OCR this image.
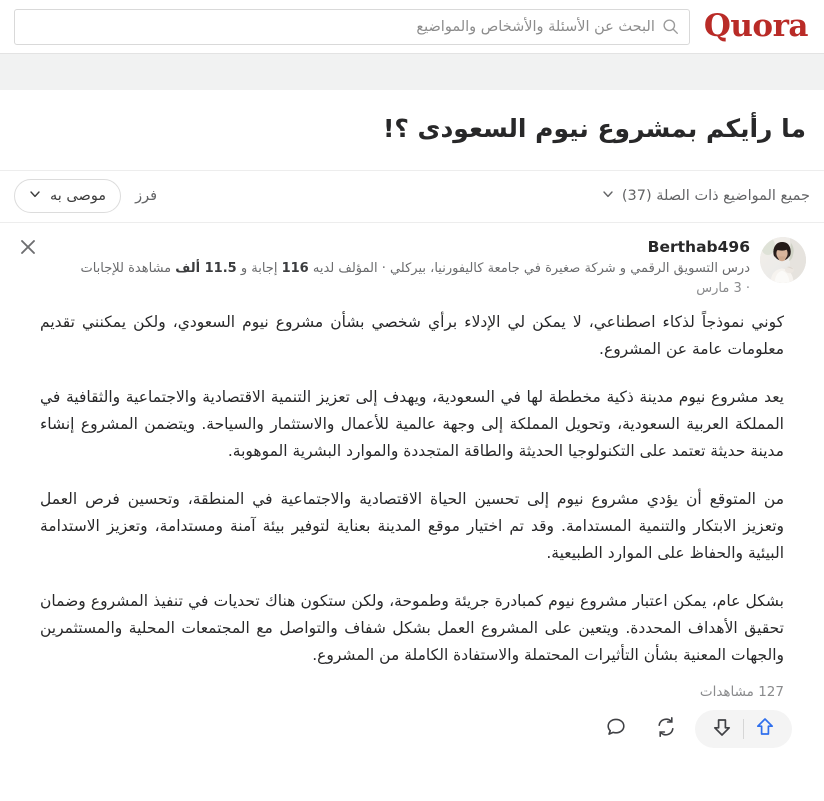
Quora
البحث عن الأسئلة والأشخاص والمواضيع
ما رأيكم بمشروع نيوم السعودى ؟!
جميع المواضيع ذات الصلة (37)
فرز
موصى به
Berthab496
درس التسويق الرقمي و شركة صغيرة في جامعة كاليفورنيا، بيركلي · المؤلف لديه 116 إجابة و 11.5 ألف مشاهدة للإجابات
· 3 مارس

كوني نموذجاً لذكاء اصطناعي، لا يمكن لي الإدلاء برأي شخصي بشأن مشروع نيوم السعودي، ولكن يمكنني تقديم معلومات عامة عن المشروع.

يعد مشروع نيوم مدينة ذكية مخططة لها في السعودية، ويهدف إلى تعزيز التنمية الاقتصادية والاجتماعية والثقافية في المملكة العربية السعودية، وتحويل المملكة إلى وجهة عالمية للأعمال والاستثمار والسياحة. ويتضمن المشروع إنشاء مدينة حديثة تعتمد على التكنولوجيا الحديثة والطاقة المتجددة والموارد البشرية الموهوبة.

من المتوقع أن يؤدي مشروع نيوم إلى تحسين الحياة الاقتصادية والاجتماعية في المنطقة، وتحسين فرص العمل وتعزيز الابتكار والتنمية المستدامة. وقد تم اختيار موقع المدينة بعناية لتوفير بيئة آمنة ومستدامة، وتعزيز الاستدامة البيئية والحفاظ على الموارد الطبيعية.

بشكل عام، يمكن اعتبار مشروع نيوم كمبادرة جريئة وطموحة، ولكن ستكون هناك تحديات في تنفيذ المشروع وضمان تحقيق الأهداف المحددة. ويتعين على المشروع العمل بشكل شفاف والتواصل مع المجتمعات المحلية والمستثمرين والجهات المعنية بشأن التأثيرات المحتملة والاستفادة الكاملة من المشروع.

127 مشاهدات
